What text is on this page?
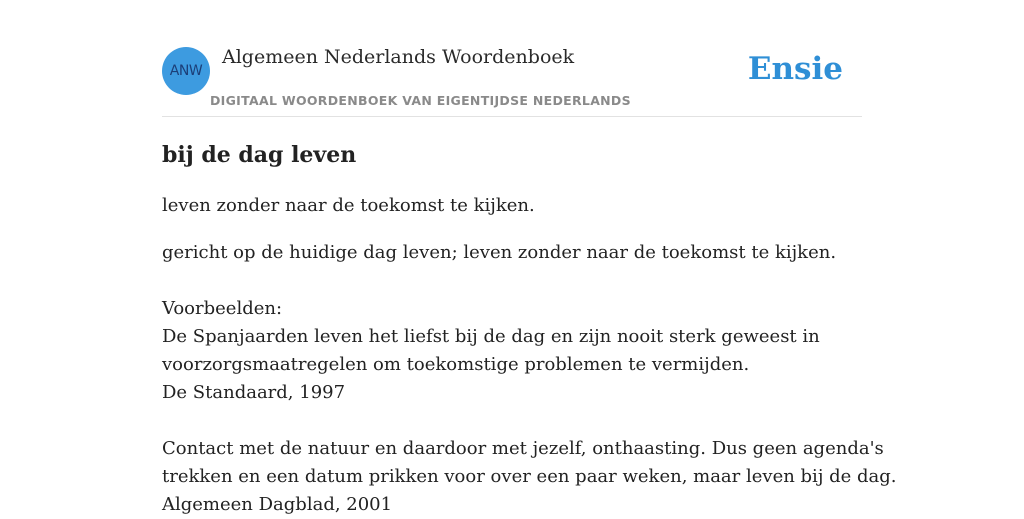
ANW
Algemeen Nederlands Woordenboek
DIGITAAL WOORDENBOEK VAN EIGENTIJDSE NEDERLANDS
Ensie
bij de dag leven
leven zonder naar de toekomst te kijken.
gericht op de huidige dag leven; leven zonder naar de toekomst te kijken.
Voorbeelden:
De Spanjaarden leven het liefst bij de dag en zijn nooit sterk geweest in
voorzorgsmaatregelen om toekomstige problemen te vermijden.
De Standaard, 1997
Contact met de natuur en daardoor met jezelf, onthaasting. Dus geen agenda's
trekken en een datum prikken voor over een paar weken, maar leven bij de dag.
Algemeen Dagblad, 2001
